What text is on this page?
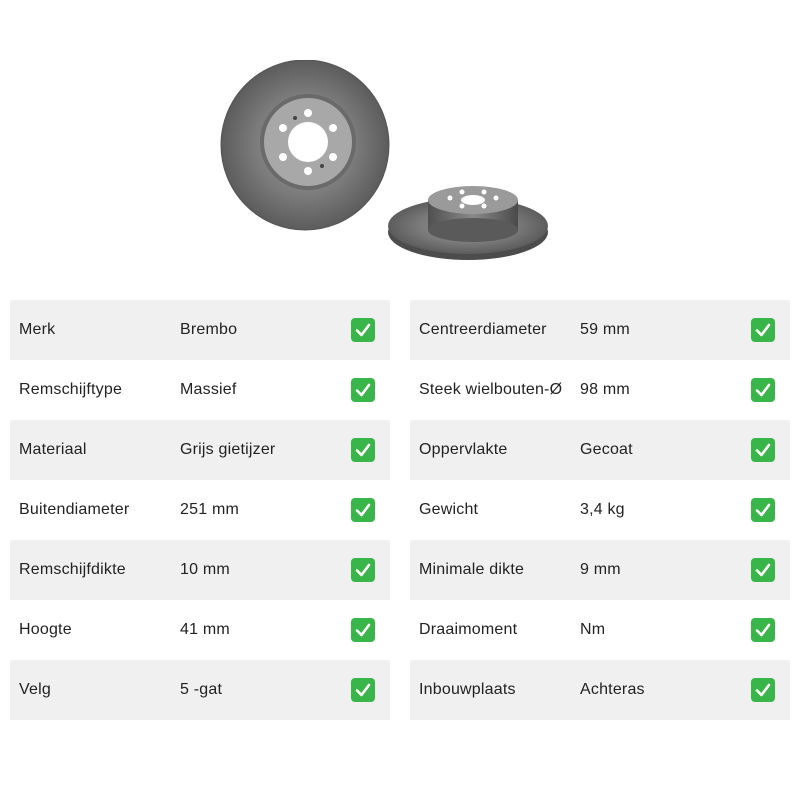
Merk	Brembo
Remschijftype	Massief
Materiaal	Grijs gietijzer
Buitendiameter	251 mm
Remschijfdikte	10 mm
Hoogte	41 mm
Velg	5 -gat
Centreerdiameter	59 mm
Steek wielbouten-Ø	98 mm
Oppervlakte	Gecoat
Gewicht	3,4 kg
Minimale dikte	9 mm
Draaimoment	Nm
Inbouwplaats	Achteras
